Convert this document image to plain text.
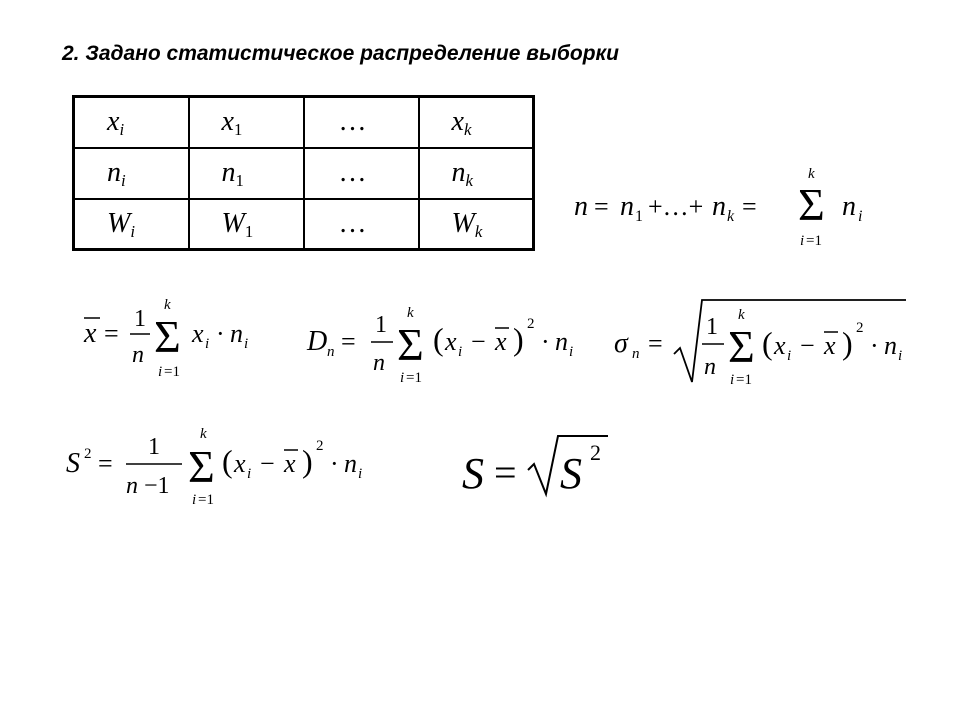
2. Задано статистическое распределение выборки
$x_i$	$x_1$	…	$x_k$
$n_i$	$n_1$	…	$n_k$
$W_i$	$W_1$	…	$W_k$
n = n 1 +…+ n k =
k
Σ
i =1
n i
x = 1
n
k
Σ
i =1
x i · n i D n =
1
n
k
Σ
i =1
( x i − x ) 2
· n i σ n =
1
n
k
Σ
i =1
( x i − x ) 2
· n i
S 2 =
1
n −1
k
Σ
i =1
( x i − x ) 2
· n i S = S 2
